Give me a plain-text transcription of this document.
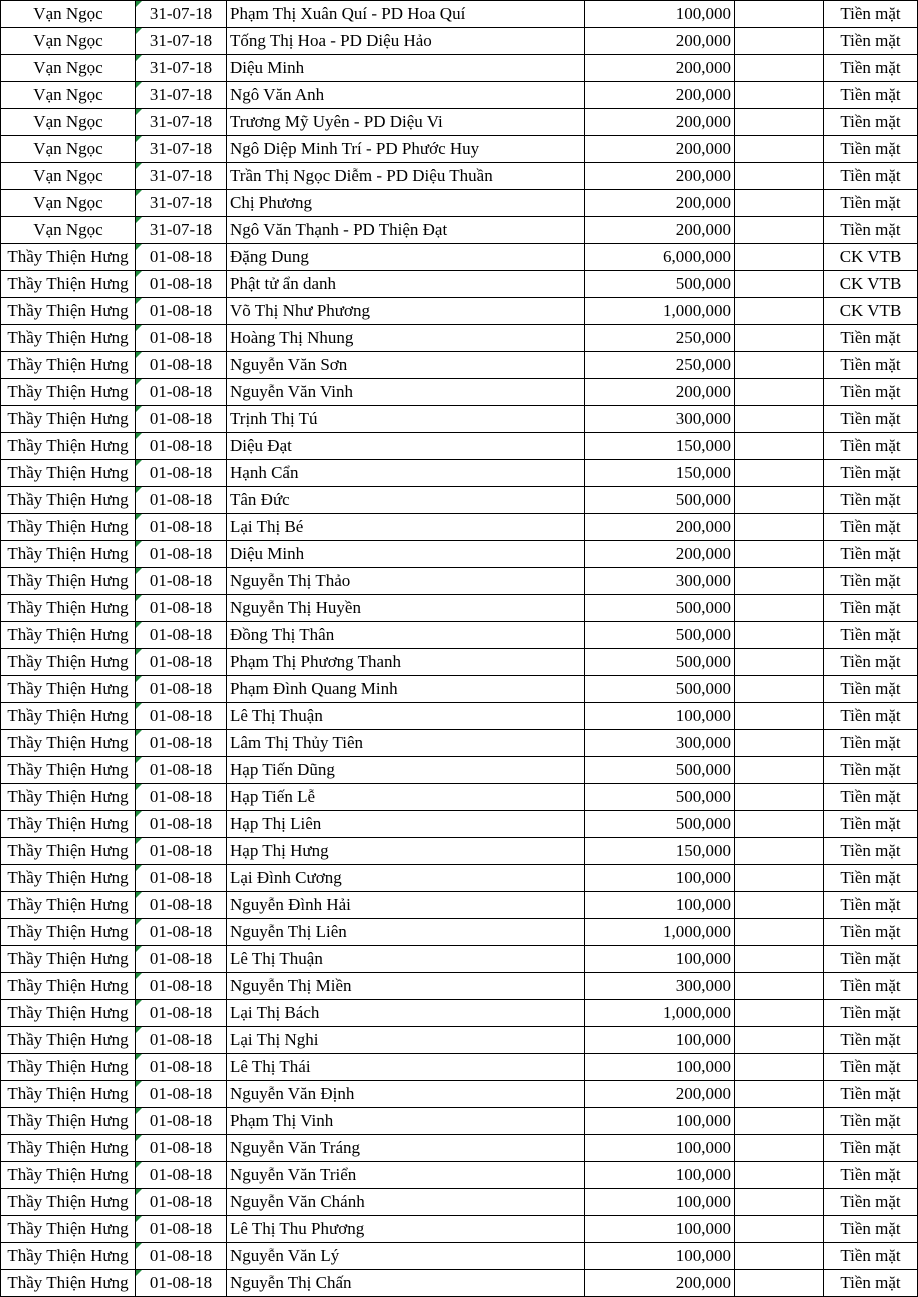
Vạn Ngọc	31-07-18	Phạm Thị Xuân Quí - PD Hoa Quí	100,000		Tiền mặt
Vạn Ngọc	31-07-18	Tống Thị Hoa - PD Diệu Hảo	200,000		Tiền mặt
Vạn Ngọc	31-07-18	Diệu Minh	200,000		Tiền mặt
Vạn Ngọc	31-07-18	Ngô Văn Anh	200,000		Tiền mặt
Vạn Ngọc	31-07-18	Trương Mỹ Uyên - PD Diệu Vi	200,000		Tiền mặt
Vạn Ngọc	31-07-18	Ngô Diệp Minh Trí - PD Phước Huy	200,000		Tiền mặt
Vạn Ngọc	31-07-18	Trần Thị Ngọc Diễm - PD Diệu Thuần	200,000		Tiền mặt
Vạn Ngọc	31-07-18	Chị Phương	200,000		Tiền mặt
Vạn Ngọc	31-07-18	Ngô Văn Thạnh - PD Thiện Đạt	200,000		Tiền mặt
Thầy Thiện Hưng	01-08-18	Đặng Dung	6,000,000		CK VTB
Thầy Thiện Hưng	01-08-18	Phật tử ẩn danh	500,000		CK VTB
Thầy Thiện Hưng	01-08-18	Võ Thị Như Phương	1,000,000		CK VTB
Thầy Thiện Hưng	01-08-18	Hoàng Thị Nhung	250,000		Tiền mặt
Thầy Thiện Hưng	01-08-18	Nguyễn Văn Sơn	250,000		Tiền mặt
Thầy Thiện Hưng	01-08-18	Nguyễn Văn Vinh	200,000		Tiền mặt
Thầy Thiện Hưng	01-08-18	Trịnh Thị Tú	300,000		Tiền mặt
Thầy Thiện Hưng	01-08-18	Diệu Đạt	150,000		Tiền mặt
Thầy Thiện Hưng	01-08-18	Hạnh Cẩn	150,000		Tiền mặt
Thầy Thiện Hưng	01-08-18	Tân Đức	500,000		Tiền mặt
Thầy Thiện Hưng	01-08-18	Lại Thị Bé	200,000		Tiền mặt
Thầy Thiện Hưng	01-08-18	Diệu Minh	200,000		Tiền mặt
Thầy Thiện Hưng	01-08-18	Nguyễn Thị Thảo	300,000		Tiền mặt
Thầy Thiện Hưng	01-08-18	Nguyễn Thị Huyền	500,000		Tiền mặt
Thầy Thiện Hưng	01-08-18	Đồng Thị Thân	500,000		Tiền mặt
Thầy Thiện Hưng	01-08-18	Phạm Thị Phương Thanh	500,000		Tiền mặt
Thầy Thiện Hưng	01-08-18	Phạm Đình Quang Minh	500,000		Tiền mặt
Thầy Thiện Hưng	01-08-18	Lê Thị Thuận	100,000		Tiền mặt
Thầy Thiện Hưng	01-08-18	Lâm Thị Thủy Tiên	300,000		Tiền mặt
Thầy Thiện Hưng	01-08-18	Hạp Tiến Dũng	500,000		Tiền mặt
Thầy Thiện Hưng	01-08-18	Hạp Tiến Lễ	500,000		Tiền mặt
Thầy Thiện Hưng	01-08-18	Hạp Thị Liên	500,000		Tiền mặt
Thầy Thiện Hưng	01-08-18	Hạp Thị Hưng	150,000		Tiền mặt
Thầy Thiện Hưng	01-08-18	Lại Đình Cương	100,000		Tiền mặt
Thầy Thiện Hưng	01-08-18	Nguyễn Đình Hải	100,000		Tiền mặt
Thầy Thiện Hưng	01-08-18	Nguyễn Thị Liên	1,000,000		Tiền mặt
Thầy Thiện Hưng	01-08-18	Lê Thị Thuận	100,000		Tiền mặt
Thầy Thiện Hưng	01-08-18	Nguyễn Thị Miền	300,000		Tiền mặt
Thầy Thiện Hưng	01-08-18	Lại Thị Bách	1,000,000		Tiền mặt
Thầy Thiện Hưng	01-08-18	Lại Thị Nghi	100,000		Tiền mặt
Thầy Thiện Hưng	01-08-18	Lê Thị Thái	100,000		Tiền mặt
Thầy Thiện Hưng	01-08-18	Nguyễn Văn Định	200,000		Tiền mặt
Thầy Thiện Hưng	01-08-18	Phạm Thị Vinh	100,000		Tiền mặt
Thầy Thiện Hưng	01-08-18	Nguyễn Văn Tráng	100,000		Tiền mặt
Thầy Thiện Hưng	01-08-18	Nguyễn Văn Triển	100,000		Tiền mặt
Thầy Thiện Hưng	01-08-18	Nguyễn Văn Chánh	100,000		Tiền mặt
Thầy Thiện Hưng	01-08-18	Lê Thị Thu Phương	100,000		Tiền mặt
Thầy Thiện Hưng	01-08-18	Nguyễn Văn Lý	100,000		Tiền mặt
Thầy Thiện Hưng	01-08-18	Nguyễn Thị Chấn	200,000		Tiền mặt
